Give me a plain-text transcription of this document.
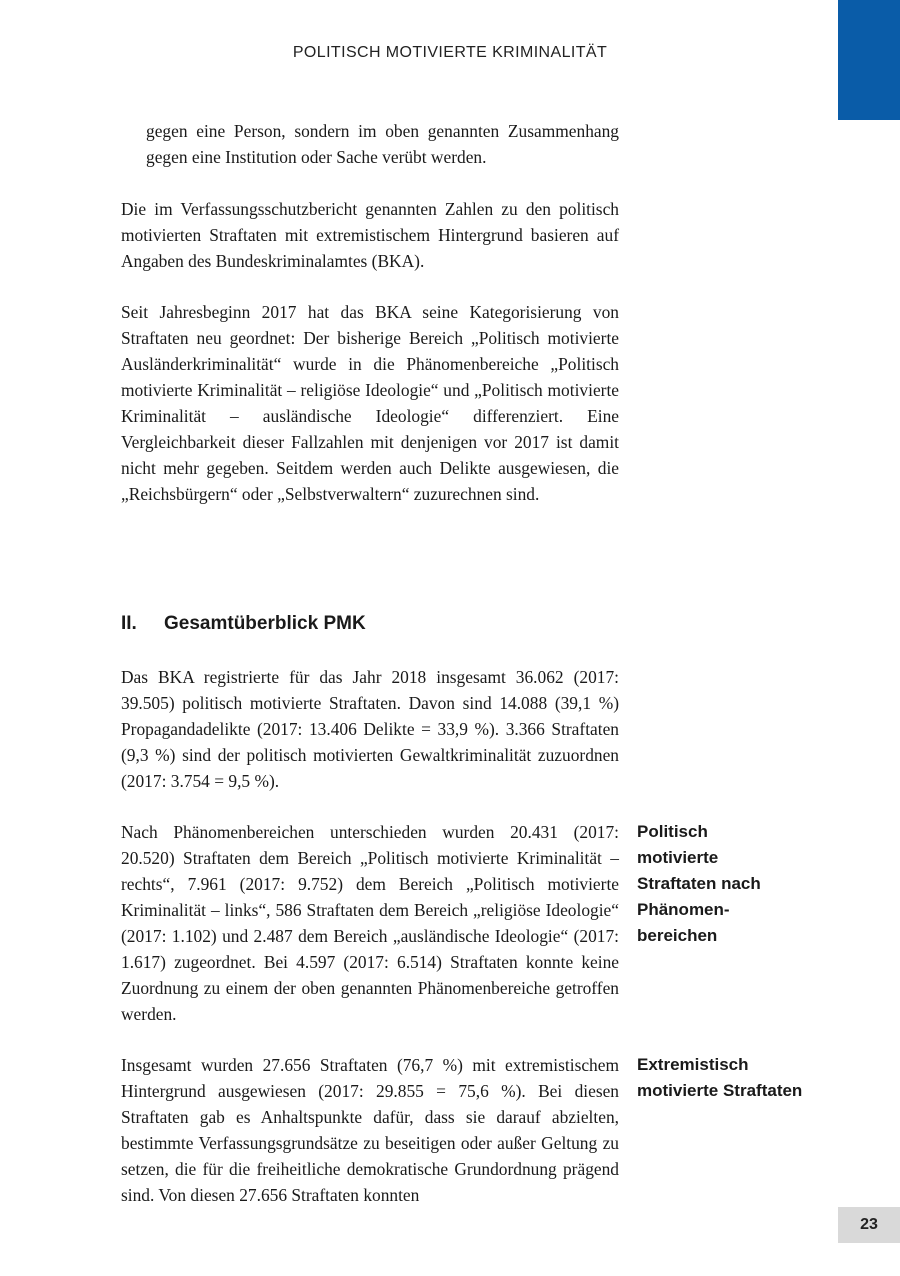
POLITISCH MOTIVIERTE KRIMINALITÄT

gegen eine Person, sondern im oben genannten Zusammenhang gegen eine Institution oder Sache verübt werden.

Die im Verfassungsschutzbericht genannten Zahlen zu den politisch motivierten Straftaten mit extremistischem Hintergrund basieren auf Angaben des Bundeskriminalamtes (BKA).

Seit Jahresbeginn 2017 hat das BKA seine Kategorisierung von Straftaten neu geordnet: Der bisherige Bereich „Politisch motivierte Ausländerkriminalität“ wurde in die Phänomenbereiche „Politisch motivierte Kriminalität – religiöse Ideologie“ und „Politisch motivierte Kriminalität – ausländische Ideologie“ differenziert. Eine Vergleichbarkeit dieser Fallzahlen mit denjenigen vor 2017 ist damit nicht mehr gegeben. Seitdem werden auch Delikte ausgewiesen, die „Reichsbürgern“ oder „Selbstverwaltern“ zuzurechnen sind.

II. Gesamtüberblick PMK

Das BKA registrierte für das Jahr 2018 insgesamt 36.062 (2017: 39.505) politisch motivierte Straftaten. Davon sind 14.088 (39,1 %) Propagandadelikte (2017: 13.406 Delikte = 33,9 %). 3.366 Straftaten (9,3 %) sind der politisch motivierten Gewaltkriminalität zuzuordnen (2017: 3.754 = 9,5 %).

Nach Phänomenbereichen unterschieden wurden 20.431 (2017: 20.520) Straftaten dem Bereich „Politisch motivierte Kriminalität – rechts“, 7.961 (2017: 9.752) dem Bereich „Politisch motivierte Kriminalität – links“, 586 Straftaten dem Bereich „religiöse Ideologie“ (2017: 1.102) und 2.487 dem Bereich „ausländische Ideologie“ (2017: 1.617) zugeordnet. Bei 4.597 (2017: 6.514) Straftaten konnte keine Zuordnung zu einem der oben genannten Phänomenbereiche getroffen werden.

Politisch motivierte Straftaten nach Phänomenbereichen

Insgesamt wurden 27.656 Straftaten (76,7 %) mit extremistischem Hintergrund ausgewiesen (2017: 29.855 = 75,6 %). Bei diesen Straftaten gab es Anhaltspunkte dafür, dass sie darauf abzielten, bestimmte Verfassungsgrundsätze zu beseitigen oder außer Geltung zu setzen, die für die freiheitliche demokratische Grundordnung prägend sind. Von diesen 27.656 Straftaten konnten

Extremistisch motivierte Straftaten
23
